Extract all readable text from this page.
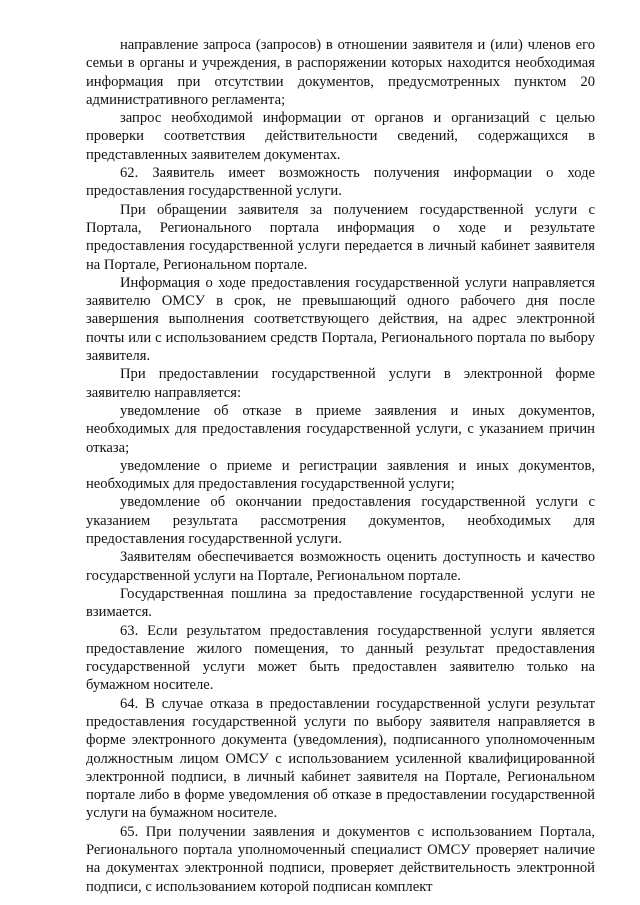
направление запроса (запросов) в отношении заявителя и (или) членов его семьи в органы и учреждения, в распоряжении которых находится необходимая информация при отсутствии документов, предусмотренных пунктом 20 административного регламента;

запрос необходимой информации от органов и организаций с целью проверки соответствия действительности сведений, содержащихся в представленных заявителем документах.

62. Заявитель имеет возможность получения информации о ходе предоставления государственной услуги.

При обращении заявителя за получением государственной услуги с Портала, Регионального портала информация о ходе и результате предоставления государственной услуги передается в личный кабинет заявителя на Портале, Региональном портале.

Информация о ходе предоставления государственной услуги направляется заявителю ОМСУ в срок, не превышающий одного рабочего дня после завершения выполнения соответствующего действия, на адрес электронной почты или с использованием средств Портала, Регионального портала по выбору заявителя.

При предоставлении государственной услуги в электронной форме заявителю направляется:

уведомление об отказе в приеме заявления и иных документов, необходимых для предоставления государственной услуги, с указанием причин отказа;

уведомление о приеме и регистрации заявления и иных документов, необходимых для предоставления государственной услуги;

уведомление об окончании предоставления государственной услуги с указанием результата рассмотрения документов, необходимых для предоставления государственной услуги.

Заявителям обеспечивается возможность оценить доступность и качество государственной услуги на Портале, Региональном портале.

Государственная пошлина за предоставление государственной услуги не взимается.

63. Если результатом предоставления государственной услуги является предоставление жилого помещения, то данный результат предоставления государственной услуги может быть предоставлен заявителю только на бумажном носителе.

64. В случае отказа в предоставлении государственной услуги результат предоставления государственной услуги по выбору заявителя направляется в форме электронного документа (уведомления), подписанного уполномоченным должностным лицом ОМСУ с использованием усиленной квалифицированной электронной подписи, в личный кабинет заявителя на Портале, Региональном портале либо в форме уведомления об отказе в предоставлении государственной услуги на бумажном носителе.

65. При получении заявления и документов с использованием Портала, Регионального портала уполномоченный специалист ОМСУ проверяет наличие на документах электронной подписи, проверяет действительность электронной подписи, с использованием которой подписан комплект
